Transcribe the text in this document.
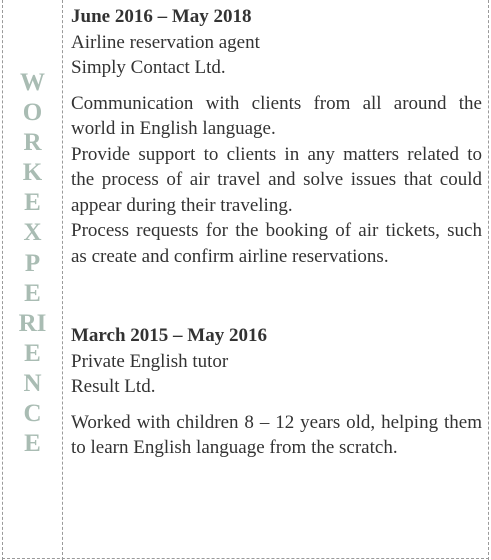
W
O
R
K
E
X
P
E
RI
E
N
C
E
June 2016 – May 2018
Airline reservation agent
Simply Contact Ltd.

Communication with clients from all around the world in English language.

Provide support to clients in any matters related to the process of air travel and solve issues that could appear during their traveling.

Process requests for the booking of air tickets, such as create and confirm airline reservations.

March 2015 – May 2016
Private English tutor
Result Ltd.

Worked with children 8 – 12 years old, helping them to learn English language from the scratch.
